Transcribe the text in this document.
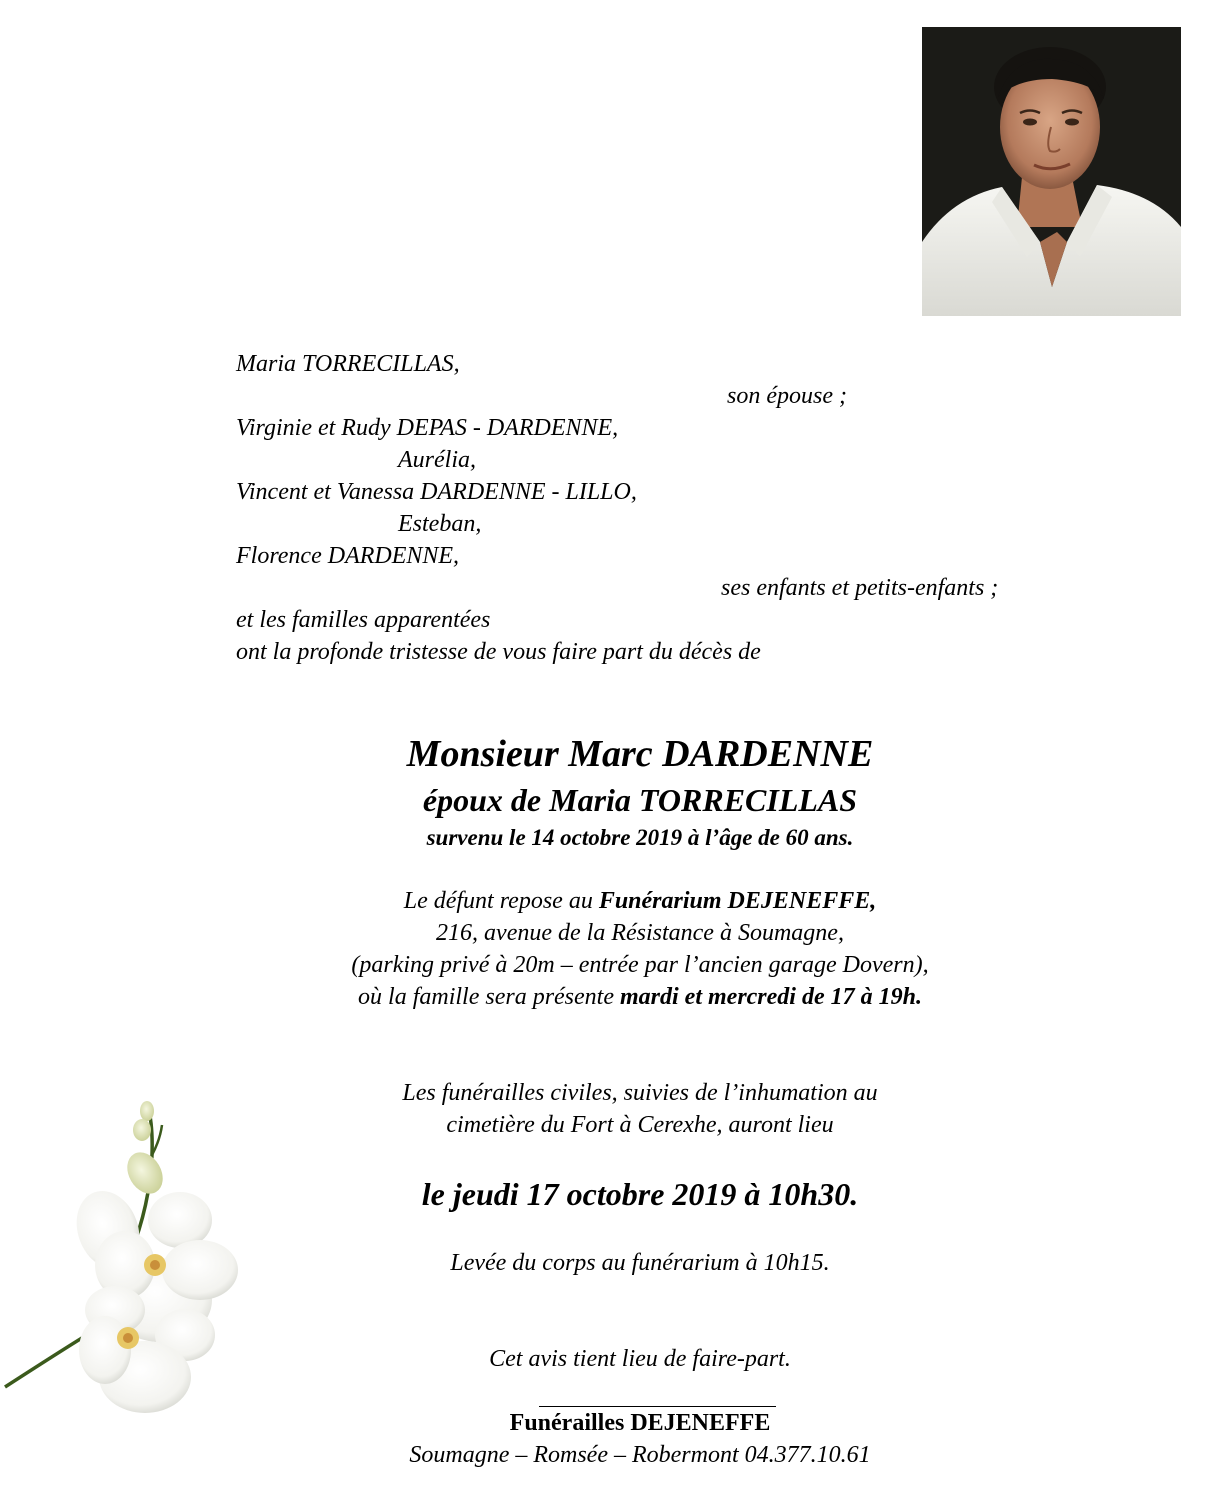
Maria TORRECILLAS,
son épouse ;
Virginie et Rudy DEPAS - DARDENNE,
Aurélia,
Vincent et Vanessa DARDENNE - LILLO,
Esteban,
Florence DARDENNE,
ses enfants et petits-enfants ;
et les familles apparentées
ont la profonde tristesse de vous faire part du décès de
Monsieur Marc DARDENNE
époux de Maria TORRECILLAS
survenu le 14 octobre 2019 à l’âge de 60 ans.
Le défunt repose au Funérarium DEJENEFFE,
216, avenue de la Résistance à Soumagne,
(parking privé à 20m – entrée par l’ancien garage Dovern),
où la famille sera présente mardi et mercredi de 17 à 19h.
Les funérailles civiles, suivies de l’inhumation au
cimetière du Fort à Cerexhe, auront lieu
le jeudi 17 octobre 2019 à 10h30.
Levée du corps au funérarium à 10h15.
Cet avis tient lieu de faire-part.
Funérailles DEJENEFFE
Soumagne – Romsée – Robermont 04.377.10.61
